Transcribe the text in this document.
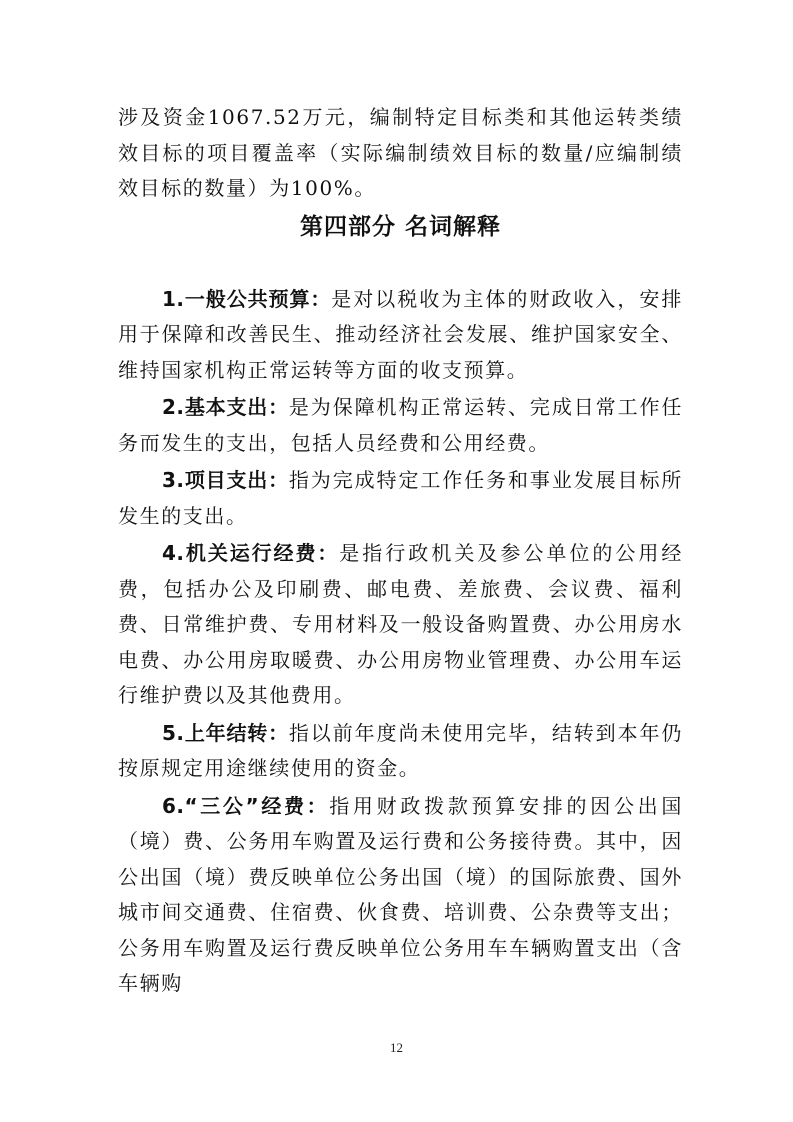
涉及资金1067.52万元，编制特定目标类和其他运转类绩效目标的项目覆盖率（实际编制绩效目标的数量/应编制绩效目标的数量）为100%。

第四部分 名词解释

1.一般公共预算：是对以税收为主体的财政收入，安排用于保障和改善民生、推动经济社会发展、维护国家安全、维持国家机构正常运转等方面的收支预算。

2.基本支出：是为保障机构正常运转、完成日常工作任务而发生的支出，包括人员经费和公用经费。

3.项目支出：指为完成特定工作任务和事业发展目标所发生的支出。

4.机关运行经费：是指行政机关及参公单位的公用经费，包括办公及印刷费、邮电费、差旅费、会议费、福利费、日常维护费、专用材料及一般设备购置费、办公用房水电费、办公用房取暖费、办公用房物业管理费、办公用车运行维护费以及其他费用。

5.上年结转：指以前年度尚未使用完毕，结转到本年仍按原规定用途继续使用的资金。

6.“三公”经费：指用财政拨款预算安排的因公出国（境）费、公务用车购置及运行费和公务接待费。其中，因公出国（境）费反映单位公务出国（境）的国际旅费、国外城市间交通费、住宿费、伙食费、培训费、公杂费等支出；公务用车购置及运行费反映单位公务用车车辆购置支出（含车辆购

12
